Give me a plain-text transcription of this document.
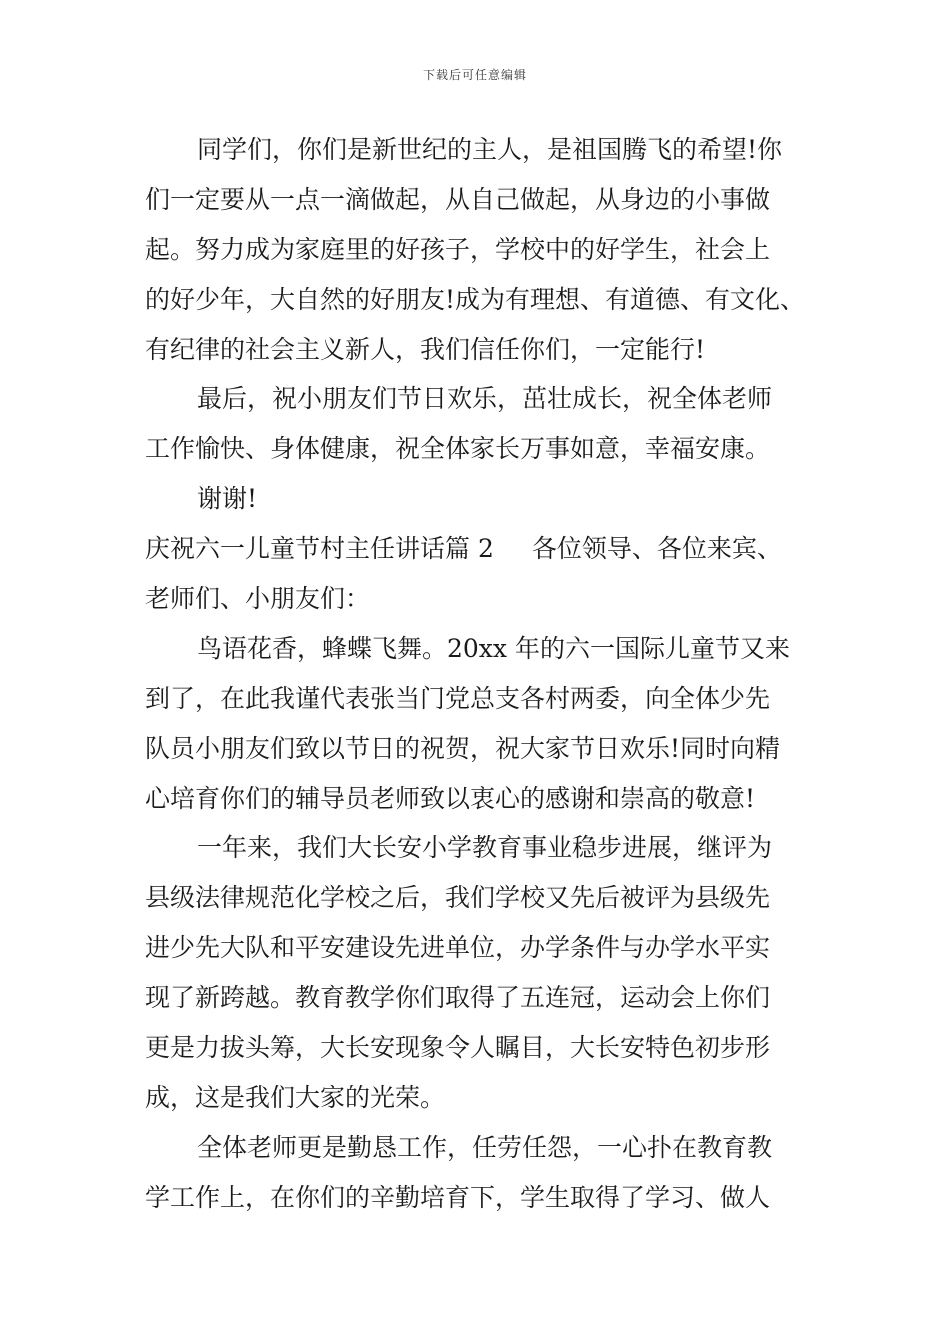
下载后可任意编辑
同学们，你们是新世纪的主人，是祖国腾飞的希望!你
们一定要从一点一滴做起，从自己做起，从身边的小事做
起。努力成为家庭里的好孩子，学校中的好学生，社会上
的好少年，大自然的好朋友!成为有理想、有道德、有文化、
有纪律的社会主义新人，我们信任你们，一定能行!
最后，祝小朋友们节日欢乐，茁壮成长，祝全体老师
工作愉快、身体健康，祝全体家长万事如意，幸福安康。
谢谢!
庆祝六一儿童节村主任讲话篇 2 各位领导、各位来宾、
老师们、小朋友们：
鸟语花香，蜂蝶飞舞。20xx 年的六一国际儿童节又来
到了，在此我谨代表张当门党总支各村两委，向全体少先
队员小朋友们致以节日的祝贺，祝大家节日欢乐!同时向精
心培育你们的辅导员老师致以衷心的感谢和崇高的敬意!
一年来，我们大长安小学教育事业稳步进展，继评为
县级法律规范化学校之后，我们学校又先后被评为县级先
进少先大队和平安建设先进单位，办学条件与办学水平实
现了新跨越。教育教学你们取得了五连冠，运动会上你们
更是力拔头筹，大长安现象令人瞩目，大长安特色初步形
成，这是我们大家的光荣。
全体老师更是勤恳工作，任劳任怨，一心扑在教育教
学工作上，在你们的辛勤培育下，学生取得了学习、做人
